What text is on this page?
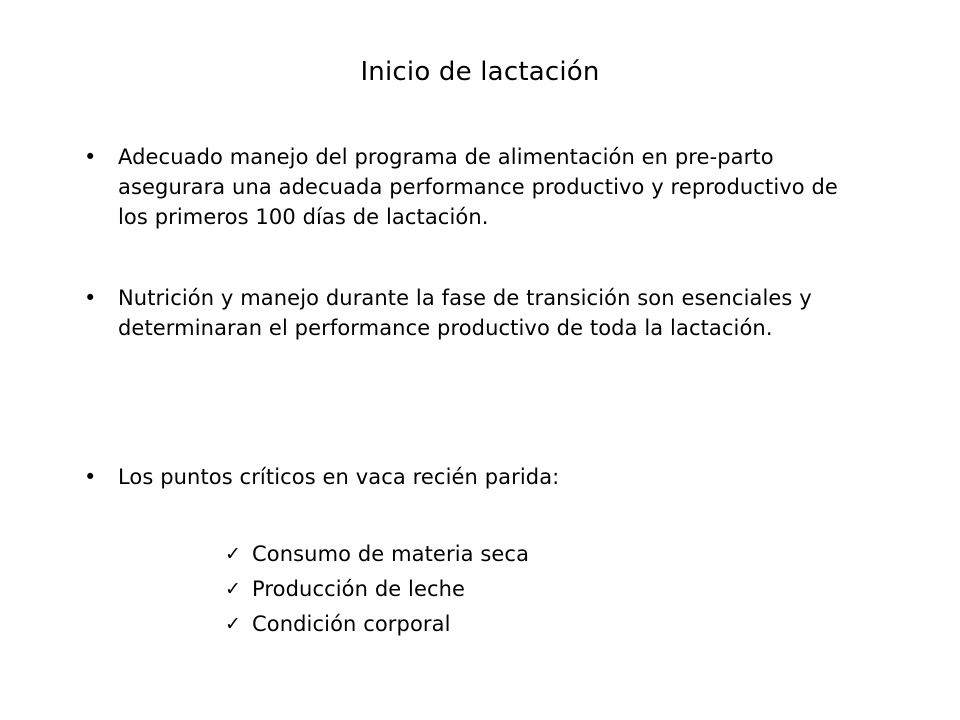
Inicio de lactación
• Adecuado manejo del programa de alimentación en pre-parto asegurara una adecuada performance productivo y reproductivo de los primeros 100 días de lactación.
• Nutrición y manejo durante la fase de transición son esenciales y determinaran el performance productivo de toda la lactación.
• Los puntos críticos en vaca recién parida:
✓ Consumo de materia seca
✓ Producción de leche
✓ Condición corporal
